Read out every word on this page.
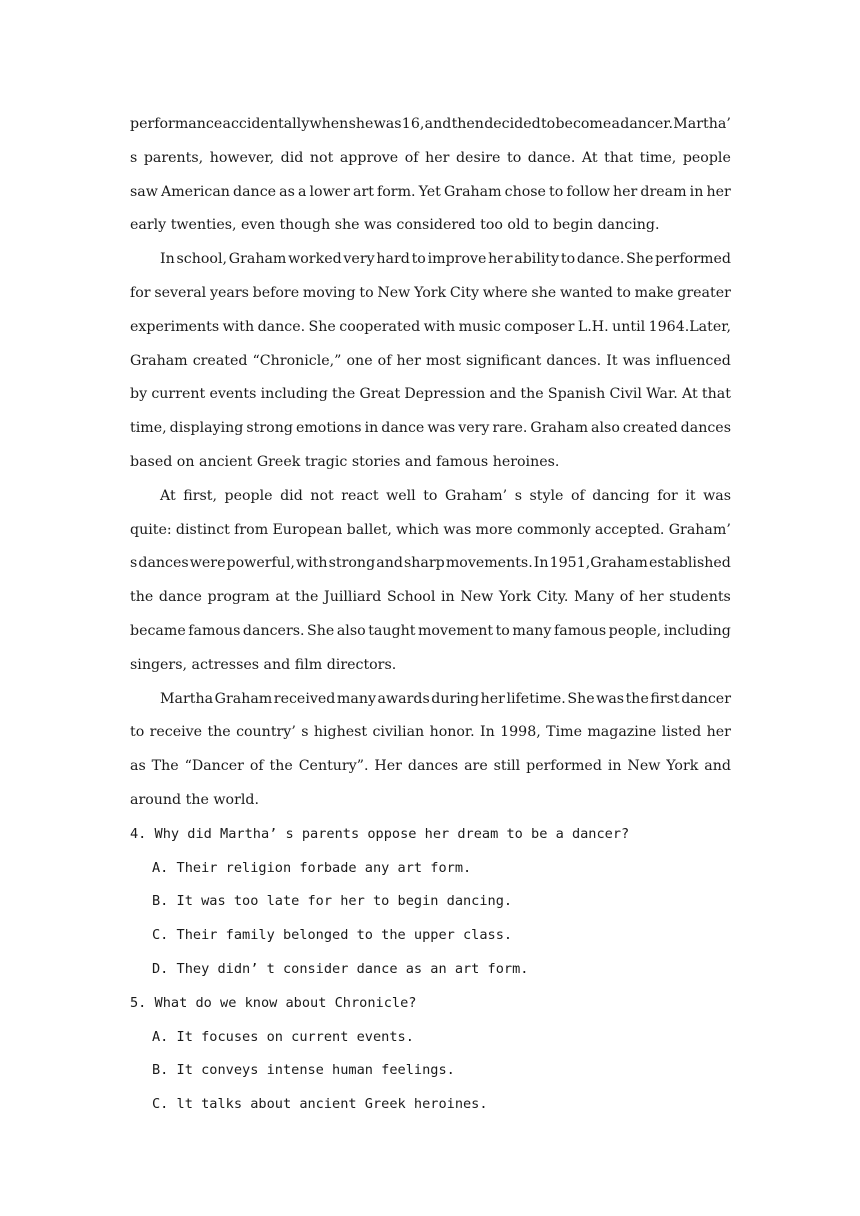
performance accidentally when she was 16, and then decided to become a dancer. Martha’
s parents, however, did not approve of her desire to dance. At that time, people
saw American dance as a lower art form. Yet Graham chose to follow her dream in her
early twenties, even though she was considered too old to begin dancing.
In school, Graham worked very hard to improve her ability to dance. She performed
for several years before moving to New York City where she wanted to make greater
experiments with dance. She cooperated with music composer L.H. until 1964.Later,
Graham created “Chronicle,” one of her most significant dances. It was influenced
by current events including the Great Depression and the Spanish Civil War. At that
time, displaying strong emotions in dance was very rare. Graham also created dances
based on ancient Greek tragic stories and famous heroines.
At first, people did not react well to Graham’ s style of dancing for it was
quite: distinct from European ballet, which was more commonly accepted. Graham’
s dances were powerful, with strong and sharp movements. In 1951,Graham established
the dance program at the Juilliard School in New York City. Many of her students
became famous dancers. She also taught movement to many famous people, including
singers, actresses and film directors.
Martha Graham received many awards during her lifetime. She was the first dancer
to receive the country’ s highest civilian honor. In 1998, Time magazine listed her
as The “Dancer of the Century”. Her dances are still performed in New York and
around the world.
4. Why did Martha’ s parents oppose her dream to be a dancer?
A. Their religion forbade any art form.
B. It was too late for her to begin dancing.
C. Their family belonged to the upper class.
D. They didn’ t consider dance as an art form.
5. What do we know about Chronicle?
A. It focuses on current events.
B. It conveys intense human feelings.
C. lt talks about ancient Greek heroines.
